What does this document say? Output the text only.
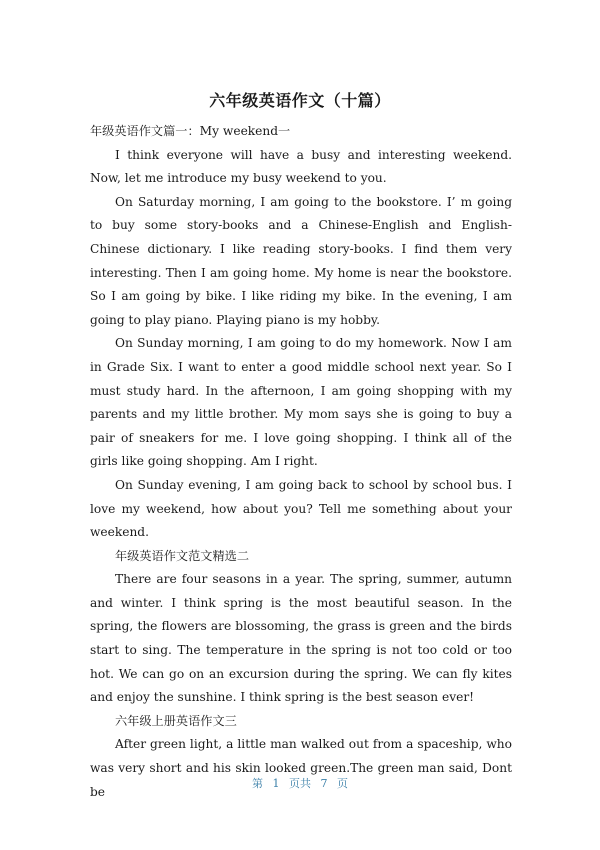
六年级英语作文（十篇）

年级英语作文篇一：My weekend一

I think everyone will have a busy and interesting weekend. Now, let me introduce my busy weekend to you.

On Saturday morning, I am going to the bookstore. I’ m going to buy some story-books and a Chinese-English and English-Chinese dictionary. I like reading story-books. I find them very interesting. Then I am going home. My home is near the bookstore. So I am going by bike. I like riding my bike. In the evening, I am going to play piano. Playing piano is my hobby.

On Sunday morning, I am going to do my homework. Now I am in Grade Six. I want to enter a good middle school next year. So I must study hard. In the afternoon, I am going shopping with my parents and my little brother. My mom says she is going to buy a pair of sneakers for me. I love going shopping. I think all of the girls like going shopping. Am I right.

On Sunday evening, I am going back to school by school bus. I love my weekend, how about you? Tell me something about your weekend.

年级英语作文范文精选二

There are four seasons in a year. The spring, summer, autumn and winter. I think spring is the most beautiful season. In the spring, the flowers are blossoming, the grass is green and the birds start to sing. The temperature in the spring is not too cold or too hot. We can go on an excursion during the spring. We can fly kites and enjoy the sunshine. I think spring is the best season ever!

六年级上册英语作文三

After green light, a little man walked out from a spaceship, who was very short and his skin looked green.The green man said, Dont be

第 1 页共 7 页
